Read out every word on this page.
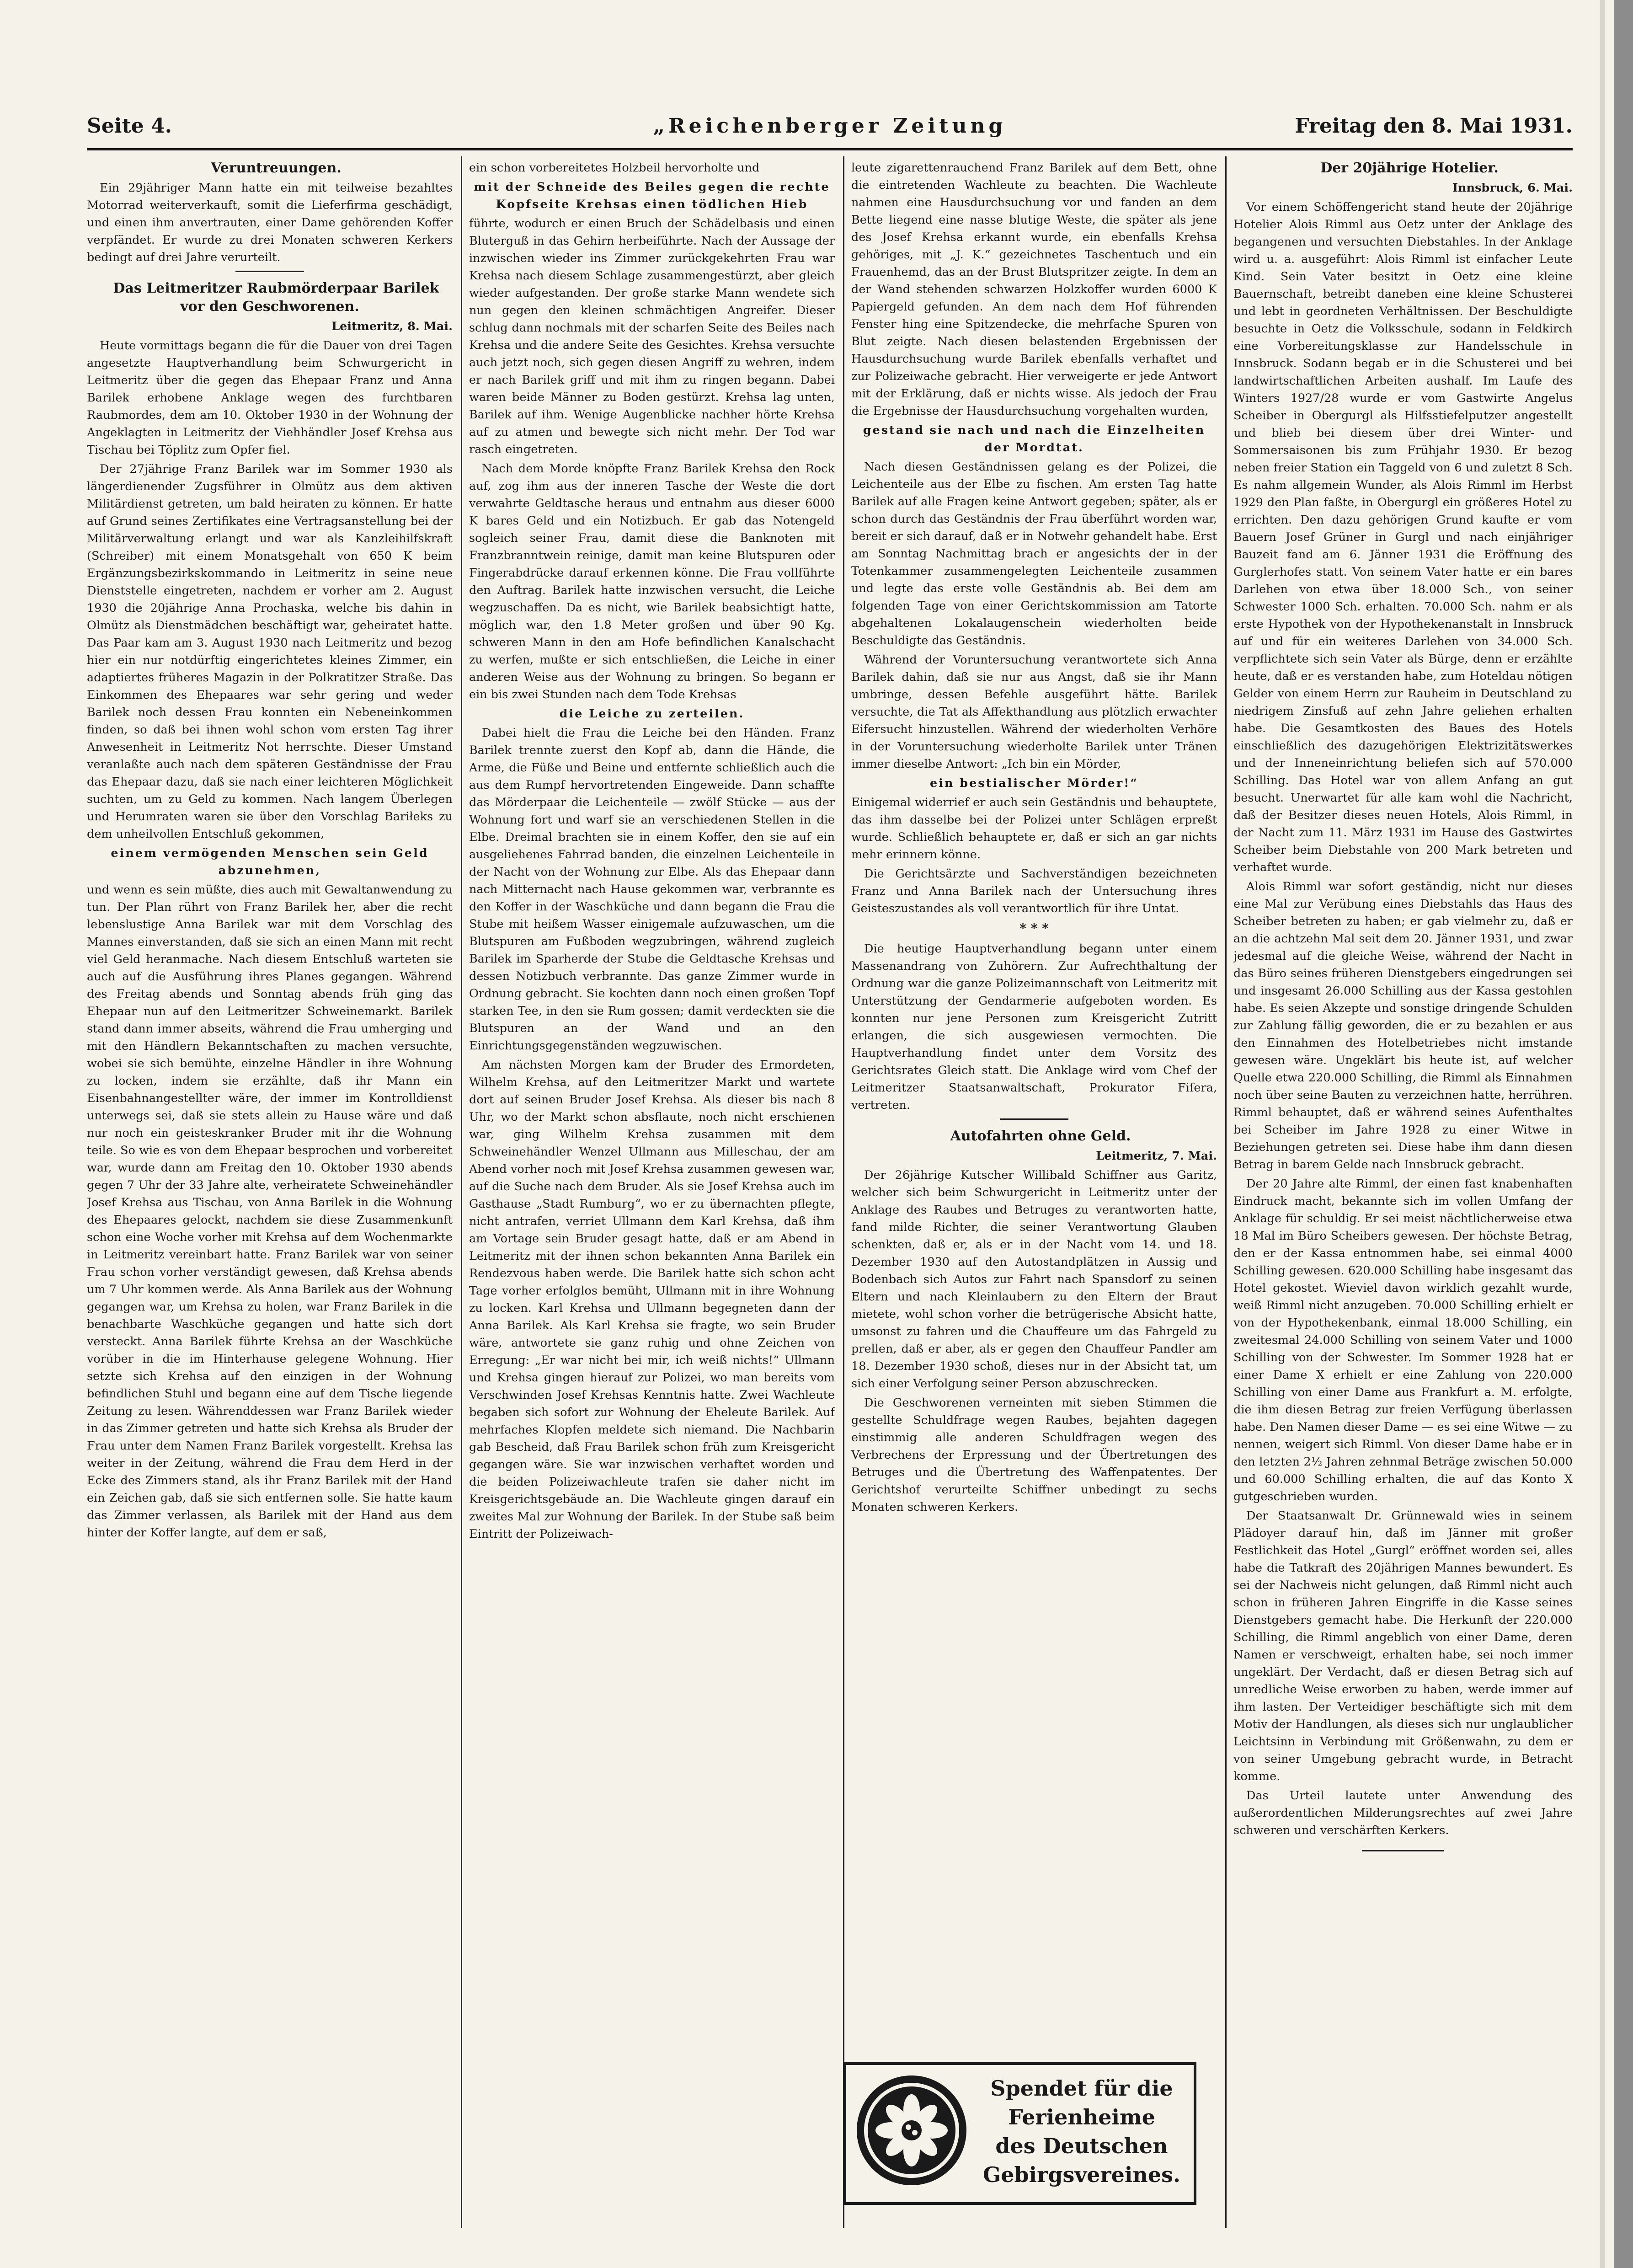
Seite 4.	„Reichenberger Zeitung	Freitag den 8. Mai 1931.

Veruntreuungen.

Ein 29jähriger Mann hatte ein mit teilweise bezahltes Motorrad weiterverkauft, somit die Lieferfirma geschädigt, und einen ihm anvertrauten, einer Dame gehörenden Koffer verpfändet. Er wurde zu drei Monaten schweren Kerkers bedingt auf drei Jahre verurteilt.

Das Leitmeritzer Raubmörderpaar Barilek vor den Geschworenen.

Leitmeritz, 8. Mai.

Heute vormittags begann die für die Dauer von drei Tagen angesetzte Hauptverhandlung beim Schwurgericht in Leitmeritz über die gegen das Ehepaar Franz und Anna Barilek erhobene Anklage wegen des furchtbaren Raubmordes, dem am 10. Oktober 1930 in der Wohnung der Angeklagten in Leitmeritz der Viehhändler Josef Krehsa aus Tischau bei Töplitz zum Opfer fiel.

Der 27jährige Franz Barilek war im Sommer 1930 als längerdienender Zugsführer in Olmütz aus dem aktiven Militärdienst getreten, um bald heiraten zu können. Er hatte auf Grund seines Zertifikates eine Vertragsanstellung bei der Militärverwaltung erlangt und war als Kanzleihilfskraft (Schreiber) mit einem Monatsgehalt von 650 K beim Ergänzungsbezirkskommando in Leitmeritz in seine neue Dienststelle eingetreten, nachdem er vorher am 2. August 1930 die 20jährige Anna Prochaska, welche bis dahin in Olmütz als Dienstmädchen beschäftigt war, geheiratet hatte. Das Paar kam am 3. August 1930 nach Leitmeritz und bezog hier ein nur notdürftig eingerichtetes kleines Zimmer, ein adaptiertes früheres Magazin in der Polkratitzer Straße. Das Einkommen des Ehepaares war sehr gering und weder Barilek noch dessen Frau konnten ein Nebeneinkommen finden, so daß bei ihnen wohl schon vom ersten Tag ihrer Anwesenheit in Leitmeritz Not herrschte. Dieser Umstand veranlaßte auch nach dem späteren Geständnisse der Frau das Ehepaar dazu, daß sie nach einer leichteren Möglichkeit suchten, um zu Geld zu kommen. Nach langem Überlegen und Herumraten waren sie über den Vorschlag Bariłeks zu dem unheilvollen Entschluß gekommen,

einem vermögenden Menschen sein Geld abzunehmen,

und wenn es sein müßte, dies auch mit Gewaltanwendung zu tun. Der Plan rührt von Franz Barilek her, aber die recht lebenslustige Anna Barilek war mit dem Vorschlag des Mannes einverstanden, daß sie sich an einen Mann mit recht viel Geld heranmache. Nach diesem Entschluß warteten sie auch auf die Ausführung ihres Planes gegangen. Während des Freitag abends und Sonntag abends früh ging das Ehepaar nun auf den Leitmeritzer Schweinemarkt. Barilek stand dann immer abseits, während die Frau umherging und mit den Händlern Bekanntschaften zu machen versuchte, wobei sie sich bemühte, einzelne Händler in ihre Wohnung zu locken, indem sie erzählte, daß ihr Mann ein Eisenbahnangestellter wäre, der immer im Kontrolldienst unterwegs sei, daß sie stets allein zu Hause wäre und daß nur noch ein geisteskranker Bruder mit ihr die Wohnung teile. So wie es von dem Ehepaar besprochen und vorbereitet war, wurde dann am Freitag den 10. Oktober 1930 abends gegen 7 Uhr der 33 Jahre alte, verheiratete Schweinehändler Josef Krehsa aus Tischau, von Anna Barilek in die Wohnung des Ehepaares gelockt, nachdem sie diese Zusammenkunft schon eine Woche vorher mit Krehsa auf dem Wochenmarkte in Leitmeritz vereinbart hatte. Franz Barilek war von seiner Frau schon vorher verständigt gewesen, daß Krehsa abends um 7 Uhr kommen werde. Als Anna Barilek aus der Wohnung gegangen war, um Krehsa zu holen, war Franz Barilek in die benachbarte Waschküche gegangen und hatte sich dort versteckt. Anna Barilek führte Krehsa an der Waschküche vorüber in die im Hinterhause gelegene Wohnung. Hier setzte sich Krehsa auf den einzigen in der Wohnung befindlichen Stuhl und begann eine auf dem Tische liegende Zeitung zu lesen. Währenddessen war Franz Barilek wieder in das Zimmer getreten und hatte sich Krehsa als Bruder der Frau unter dem Namen Franz Barilek vorgestellt. Krehsa las weiter in der Zeitung, während die Frau dem Herd in der Ecke des Zimmers stand, als ihr Franz Barilek mit der Hand ein Zeichen gab, daß sie sich entfernen solle. Sie hatte kaum das Zimmer verlassen, als Barilek mit der Hand aus dem hinter der Koffer langte, auf dem er saß,

ein schon vorbereitetes Holzbeil hervorholte und

mit der Schneide des Beiles gegen die rechte Kopfseite Krehsas einen tödlichen Hieb

führte, wodurch er einen Bruch der Schädelbasis und einen Bluterguß in das Gehirn herbeiführte. Nach der Aussage der inzwischen wieder ins Zimmer zurückgekehrten Frau war Krehsa nach diesem Schlage zusammengestürzt, aber gleich wieder aufgestanden. Der große starke Mann wendete sich nun gegen den kleinen schmächtigen Angreifer. Dieser schlug dann nochmals mit der scharfen Seite des Beiles nach Krehsa und die andere Seite des Gesichtes. Krehsa versuchte auch jetzt noch, sich gegen diesen Angriff zu wehren, indem er nach Barilek griff und mit ihm zu ringen begann. Dabei waren beide Männer zu Boden gestürzt. Krehsa lag unten, Barilek auf ihm. Wenige Augenblicke nachher hörte Krehsa auf zu atmen und bewegte sich nicht mehr. Der Tod war rasch eingetreten.

Nach dem Morde knöpfte Franz Barilek Krehsa den Rock auf, zog ihm aus der inneren Tasche der Weste die dort verwahrte Geldtasche heraus und entnahm aus dieser 6000 K bares Geld und ein Notizbuch. Er gab das Notengeld sogleich seiner Frau, damit diese die Banknoten mit Franzbranntwein reinige, damit man keine Blutspuren oder Fingerabdrücke darauf erkennen könne. Die Frau vollführte den Auftrag. Barilek hatte inzwischen versucht, die Leiche wegzuschaffen. Da es nicht, wie Barilek beabsichtigt hatte, möglich war, den 1.8 Meter großen und über 90 Kg. schweren Mann in den am Hofe befindlichen Kanalschacht zu werfen, mußte er sich entschließen, die Leiche in einer anderen Weise aus der Wohnung zu bringen. So begann er ein bis zwei Stunden nach dem Tode Krehsas

die Leiche zu zerteilen.

Dabei hielt die Frau die Leiche bei den Händen. Franz Barilek trennte zuerst den Kopf ab, dann die Hände, die Arme, die Füße und Beine und entfernte schließlich auch die aus dem Rumpf hervortretenden Eingeweide. Dann schaffte das Mörderpaar die Leichenteile — zwölf Stücke — aus der Wohnung fort und warf sie an verschiedenen Stellen in die Elbe. Dreimal brachten sie in einem Koffer, den sie auf ein ausgeliehenes Fahrrad banden, die einzelnen Leichenteile in der Nacht von der Wohnung zur Elbe. Als das Ehepaar dann nach Mitternacht nach Hause gekommen war, verbrannte es den Koffer in der Waschküche und dann begann die Frau die Stube mit heißem Wasser einigemale aufzuwaschen, um die Blutspuren am Fußboden wegzubringen, während zugleich Barilek im Sparherde der Stube die Geldtasche Krehsas und dessen Notizbuch verbrannte. Das ganze Zimmer wurde in Ordnung gebracht. Sie kochten dann noch einen großen Topf starken Tee, in den sie Rum gossen; damit verdeckten sie die Blutspuren an der Wand und an den Einrichtungsgegenständen wegzuwischen.

Am nächsten Morgen kam der Bruder des Ermordeten, Wilhelm Krehsa, auf den Leitmeritzer Markt und wartete dort auf seinen Bruder Josef Krehsa. Als dieser bis nach 8 Uhr, wo der Markt schon absflaute, noch nicht erschienen war, ging Wilhelm Krehsa zusammen mit dem Schweinehändler Wenzel Ullmann aus Milleschau, der am Abend vorher noch mit Josef Krehsa zusammen gewesen war, auf die Suche nach dem Bruder. Als sie Josef Krehsa auch im Gasthause „Stadt Rumburg“, wo er zu übernachten pflegte, nicht antrafen, verriet Ullmann dem Karl Krehsa, daß ihm am Vortage sein Bruder gesagt hatte, daß er am Abend in Leitmeritz mit der ihnen schon bekannten Anna Barilek ein Rendezvous haben werde. Die Barilek hatte sich schon acht Tage vorher erfolglos bemüht, Ullmann mit in ihre Wohnung zu locken. Karl Krehsa und Ullmann begegneten dann der Anna Barilek. Als Karl Krehsa sie fragte, wo sein Bruder wäre, antwortete sie ganz ruhig und ohne Zeichen von Erregung: „Er war nicht bei mir, ich weiß nichts!“ Ullmann und Krehsa gingen hierauf zur Polizei, wo man bereits vom Verschwinden Josef Krehsas Kenntnis hatte. Zwei Wachleute begaben sich sofort zur Wohnung der Eheleute Barilek. Auf mehrfaches Klopfen meldete sich niemand. Die Nachbarin gab Bescheid, daß Frau Barilek schon früh zum Kreisgericht gegangen wäre. Sie war inzwischen verhaftet worden und die beiden Polizeiwachleute trafen sie daher nicht im Kreisgerichtsgebäude an. Die Wachleute gingen darauf ein zweites Mal zur Wohnung der Barilek. In der Stube saß beim Eintritt der Polizeiwach-

leute zigarettenrauchend Franz Barilek auf dem Bett, ohne die eintretenden Wachleute zu beachten. Die Wachleute nahmen eine Hausdurchsuchung vor und fanden an dem Bette liegend eine nasse blutige Weste, die später als jene des Josef Krehsa erkannt wurde, ein ebenfalls Krehsa gehöriges, mit „J. K.“ gezeichnetes Taschentuch und ein Frauenhemd, das an der Brust Blutspritzer zeigte. In dem an der Wand stehenden schwarzen Holzkoffer wurden 6000 K Papiergeld gefunden. An dem nach dem Hof führenden Fenster hing eine Spitzendecke, die mehrfache Spuren von Blut zeigte. Nach diesen belastenden Ergebnissen der Hausdurchsuchung wurde Barilek ebenfalls verhaftet und zur Polizeiwache gebracht. Hier verweigerte er jede Antwort mit der Erklärung, daß er nichts wisse. Als jedoch der Frau die Ergebnisse der Hausdurchsuchung vorgehalten wurden,

gestand sie nach und nach die Einzelheiten der Mordtat.

Nach diesen Geständnissen gelang es der Polizei, die Leichenteile aus der Elbe zu fischen. Am ersten Tag hatte Barilek auf alle Fragen keine Antwort gegeben; später, als er schon durch das Geständnis der Frau überführt worden war, bereit er sich darauf, daß er in Notwehr gehandelt habe. Erst am Sonntag Nachmittag brach er angesichts der in der Totenkammer zusammengelegten Leichenteile zusammen und legte das erste volle Geständnis ab. Bei dem am folgenden Tage von einer Gerichtskommission am Tatorte abgehaltenen Lokalaugenschein wiederholten beide Beschuldigte das Geständnis.

Während der Voruntersuchung verantwortete sich Anna Barilek dahin, daß sie nur aus Angst, daß sie ihr Mann umbringe, dessen Befehle ausgeführt hätte. Barilek versuchte, die Tat als Affekthandlung aus plötzlich erwachter Eifersucht hinzustellen. Während der wiederholten Verhöre in der Voruntersuchung wiederholte Barilek unter Tränen immer dieselbe Antwort: „Ich bin ein Mörder,

ein bestialischer Mörder!“

Einigemal widerrief er auch sein Geständnis und behauptete, das ihm dasselbe bei der Polizei unter Schlägen erpreßt wurde. Schließlich behauptete er, daß er sich an gar nichts mehr erinnern könne.

Die Gerichtsärzte und Sachverständigen bezeichneten Franz und Anna Barilek nach der Untersuchung ihres Geisteszustandes als voll verantwortlich für ihre Untat.

* * *

Die heutige Hauptverhandlung begann unter einem Massenandrang von Zuhörern. Zur Aufrechthaltung der Ordnung war die ganze Polizeimannschaft von Leitmeritz mit Unterstützung der Gendarmerie aufgeboten worden. Es konnten nur jene Personen zum Kreisgericht Zutritt erlangen, die sich ausgewiesen vermochten. Die Hauptverhandlung findet unter dem Vorsitz des Gerichtsrates Gleich statt. Die Anklage wird vom Chef der Leitmeritzer Staatsanwaltschaft, Prokurator Fiſera, vertreten.

Autofahrten ohne Geld.

Leitmeritz, 7. Mai.

Der 26jährige Kutscher Willibald Schiffner aus Garitz, welcher sich beim Schwurgericht in Leitmeritz unter der Anklage des Raubes und Betruges zu verantworten hatte, fand milde Richter, die seiner Verantwortung Glauben schenkten, daß er, als er in der Nacht vom 14. und 18. Dezember 1930 auf den Autostandplätzen in Aussig und Bodenbach sich Autos zur Fahrt nach Spansdorf zu seinen Eltern und nach Kleinlaubern zu den Eltern der Braut mietete, wohl schon vorher die betrügerische Absicht hatte, umsonst zu fahren und die Chauffeure um das Fahrgeld zu prellen, daß er aber, als er gegen den Chauffeur Pandler am 18. Dezember 1930 schoß, dieses nur in der Absicht tat, um sich einer Verfolgung seiner Person abzuschrecken.

Die Geschworenen verneinten mit sieben Stimmen die gestellte Schuldfrage wegen Raubes, bejahten dagegen einstimmig alle anderen Schuldfragen wegen des Verbrechens der Erpressung und der Übertretungen des Betruges und die Übertretung des Waffenpatentes. Der Gerichtshof verurteilte Schiffner unbedingt zu sechs Monaten schweren Kerkers.

Spendet für die
Ferienheime
des Deutschen
Gebirgsvereines.

Der 20jährige Hotelier.

Innsbruck, 6. Mai.

Vor einem Schöffengericht stand heute der 20jährige Hotelier Alois Rimml aus Oetz unter der Anklage des begangenen und versuchten Diebstahles. In der Anklage wird u. a. ausgeführt: Alois Rimml ist einfacher Leute Kind. Sein Vater besitzt in Oetz eine kleine Bauernschaft, betreibt daneben eine kleine Schusterei und lebt in geordneten Verhältnissen. Der Beschuldigte besuchte in Oetz die Volksschule, sodann in Feldkirch eine Vorbereitungsklasse zur Handelsschule in Innsbruck. Sodann begab er in die Schusterei und bei landwirtschaftlichen Arbeiten aushalf. Im Laufe des Winters 1927/28 wurde er vom Gastwirte Angelus Scheiber in Obergurgl als Hilfsstiefelputzer angestellt und blieb bei diesem über drei Winter- und Sommersaisonen bis zum Frühjahr 1930. Er bezog neben freier Station ein Taggeld von 6 und zuletzt 8 Sch. Es nahm allgemein Wunder, als Alois Rimml im Herbst 1929 den Plan faßte, in Obergurgl ein größeres Hotel zu errichten. Den dazu gehörigen Grund kaufte er vom Bauern Josef Grüner in Gurgl und nach einjähriger Bauzeit fand am 6. Jänner 1931 die Eröffnung des Gurglerhofes statt. Von seinem Vater hatte er ein bares Darlehen von etwa über 18.000 Sch., von seiner Schwester 1000 Sch. erhalten. 70.000 Sch. nahm er als erste Hypothek von der Hypothekenanstalt in Innsbruck auf und für ein weiteres Darlehen von 34.000 Sch. verpflichtete sich sein Vater als Bürge, denn er erzählte heute, daß er es verstanden habe, zum Hoteldau nötigen Gelder von einem Herrn zur Rauheim in Deutschland zu niedrigem Zinsfuß auf zehn Jahre geliehen erhalten habe. Die Gesamtkosten des Baues des Hotels einschließlich des dazugehörigen Elektrizitätswerkes und der Inneneinrichtung beliefen sich auf 570.000 Schilling. Das Hotel war von allem Anfang an gut besucht. Unerwartet für alle kam wohl die Nachricht, daß der Besitzer dieses neuen Hotels, Alois Rimml, in der Nacht zum 11. März 1931 im Hause des Gastwirtes Scheiber beim Diebstahle von 200 Mark betreten und verhaftet wurde.

Alois Rimml war sofort geständig, nicht nur dieses eine Mal zur Verübung eines Diebstahls das Haus des Scheiber betreten zu haben; er gab vielmehr zu, daß er an die achtzehn Mal seit dem 20. Jänner 1931, und zwar jedesmal auf die gleiche Weise, während der Nacht in das Büro seines früheren Dienstgebers eingedrungen sei und insgesamt 26.000 Schilling aus der Kassa gestohlen habe. Es seien Akzepte und sonstige dringende Schulden zur Zahlung fällig geworden, die er zu bezahlen er aus den Einnahmen des Hotelbetriebes nicht imstande gewesen wäre. Ungeklärt bis heute ist, auf welcher Quelle etwa 220.000 Schilling, die Rimml als Einnahmen noch über seine Bauten zu verzeichnen hatte, herrühren. Rimml behauptet, daß er während seines Aufenthaltes bei Scheiber im Jahre 1928 zu einer Witwe in Beziehungen getreten sei. Diese habe ihm dann diesen Betrag in barem Gelde nach Innsbruck gebracht.

Der 20 Jahre alte Rimml, der einen fast knabenhaften Eindruck macht, bekannte sich im vollen Umfang der Anklage für schuldig. Er sei meist nächtlicherweise etwa 18 Mal im Büro Scheibers gewesen. Der höchste Betrag, den er der Kassa entnommen habe, sei einmal 4000 Schilling gewesen. 620.000 Schilling habe insgesamt das Hotel gekostet. Wieviel davon wirklich gezahlt wurde, weiß Rimml nicht anzugeben. 70.000 Schilling erhielt er von der Hypothekenbank, einmal 18.000 Schilling, ein zweitesmal 24.000 Schilling von seinem Vater und 1000 Schilling von der Schwester. Im Sommer 1928 hat er einer Dame X erhielt er eine Zahlung von 220.000 Schilling von einer Dame aus Frankfurt a. M. erfolgte, die ihm diesen Betrag zur freien Verfügung überlassen habe. Den Namen dieser Dame — es sei eine Witwe — zu nennen, weigert sich Rimml. Von dieser Dame habe er in den letzten 2½ Jahren zehnmal Beträge zwischen 50.000 und 60.000 Schilling erhalten, die auf das Konto X gutgeschrieben wurden.

Der Staatsanwalt Dr. Grünnewald wies in seinem Plädoyer darauf hin, daß im Jänner mit großer Festlichkeit das Hotel „Gurgl“ eröffnet worden sei, alles habe die Tatkraft des 20jährigen Mannes bewundert. Es sei der Nachweis nicht gelungen, daß Rimml nicht auch schon in früheren Jahren Eingriffe in die Kasse seines Dienstgebers gemacht habe. Die Herkunft der 220.000 Schilling, die Rimml angeblich von einer Dame, deren Namen er verschweigt, erhalten habe, sei noch immer ungeklärt. Der Verdacht, daß er diesen Betrag sich auf unredliche Weise erworben zu haben, werde immer auf ihm lasten. Der Verteidiger beschäftigte sich mit dem Motiv der Handlungen, als dieses sich nur unglaublicher Leichtsinn in Verbindung mit Größenwahn, zu dem er von seiner Umgebung gebracht wurde, in Betracht komme.

Das Urteil lautete unter Anwendung des außerordentlichen Milderungsrechtes auf zwei Jahre schweren und verschärften Kerkers.
